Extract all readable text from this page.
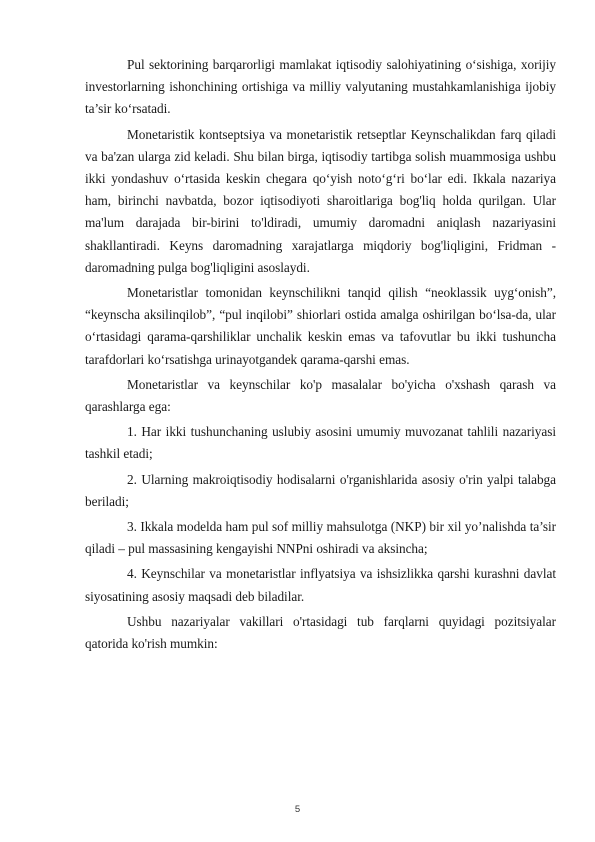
Pul sektorining barqarorligi mamlakat iqtisodiy salohiyatining o‘sishiga, xorijiy investorlarning ishonchining ortishiga va milliy valyutaning mustahkamlanishiga ijobiy ta’sir ko‘rsatadi.

Monetaristik kontseptsiya va monetaristik retseptlar Keynschalikdan farq qiladi va ba'zan ularga zid keladi. Shu bilan birga, iqtisodiy tartibga solish muammosiga ushbu ikki yondashuv o‘rtasida keskin chegara qo‘yish noto‘g‘ri bo‘lar edi. Ikkala nazariya ham, birinchi navbatda, bozor iqtisodiyoti sharoitlariga bog'liq holda qurilgan. Ular ma'lum darajada bir-birini to'ldiradi, umumiy daromadni aniqlash nazariyasini shakllantiradi. Keyns daromadning xarajatlarga miqdoriy bog'liqligini, Fridman - daromadning pulga bog'liqligini asoslaydi.

Monetaristlar tomonidan keynschilikni tanqid qilish “neoklassik uyg‘onish”, “keynscha aksilinqilob”, “pul inqilobi” shiorlari ostida amalga oshirilgan bo‘lsa-da, ular o‘rtasidagi qarama-qarshiliklar unchalik keskin emas va tafovutlar bu ikki tushuncha tarafdorlari ko‘rsatishga urinayotgandek qarama-qarshi emas.

Monetaristlar va keynschilar ko'p masalalar bo'yicha o'xshash qarash va qarashlarga ega:

1. Har ikki tushunchaning uslubiy asosini umumiy muvozanat tahlili nazariyasi tashkil etadi;

2. Ularning makroiqtisodiy hodisalarni o'rganishlarida asosiy o'rin yalpi talabga beriladi;

3. Ikkala modelda ham pul sof milliy mahsulotga (NKP) bir xil yo’nalishda ta’sir qiladi – pul massasining kengayishi NNPni oshiradi va aksincha;

4. Keynschilar va monetaristlar inflyatsiya va ishsizlikka qarshi kurashni davlat siyosatining asosiy maqsadi deb biladilar.

Ushbu nazariyalar vakillari o'rtasidagi tub farqlarni quyidagi pozitsiyalar qatorida ko'rish mumkin:

5
